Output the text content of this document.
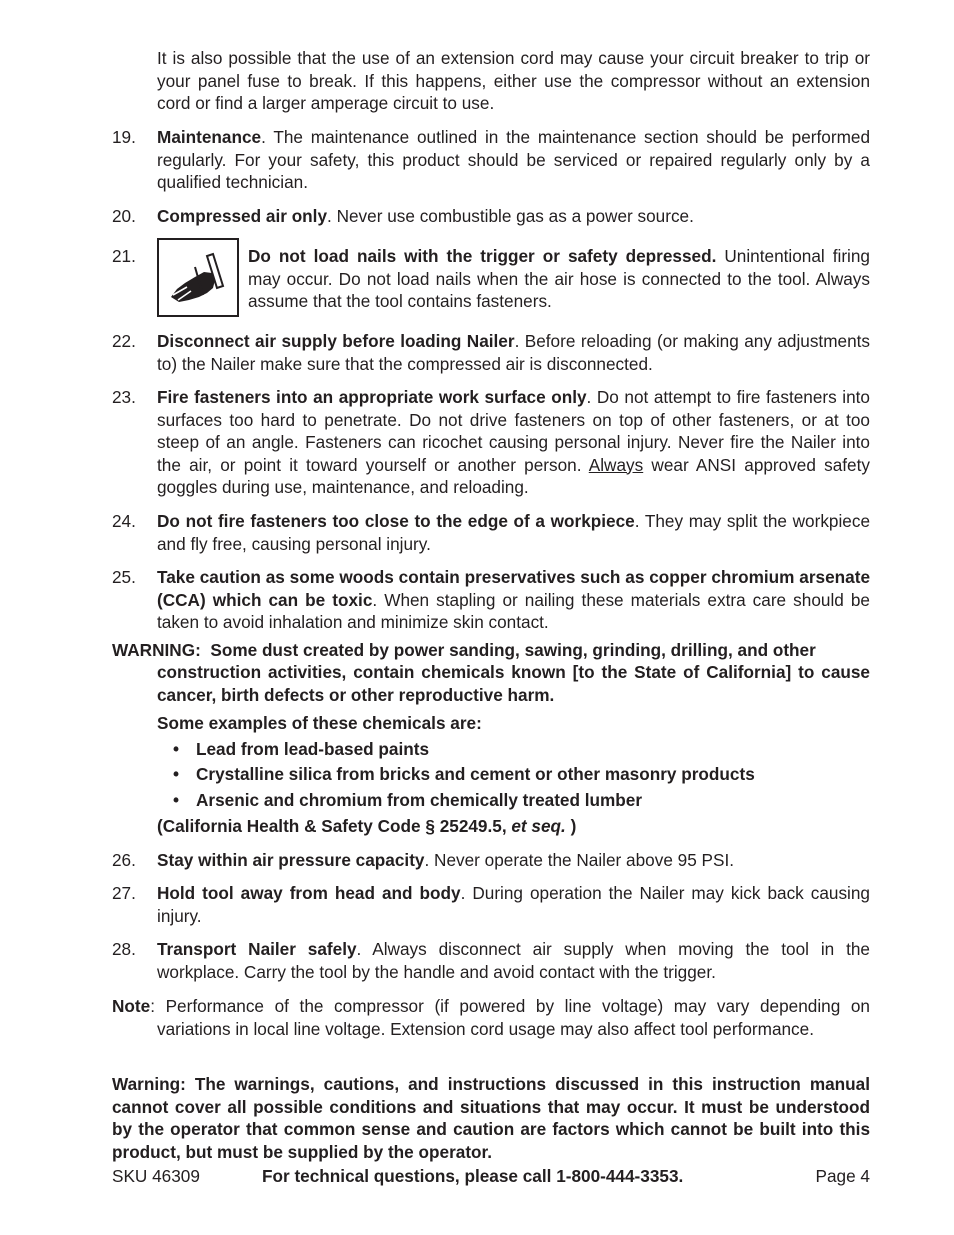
It is also possible that the use of an extension cord may cause your circuit breaker to trip or your panel fuse to break. If this happens, either use the compressor without an extension cord or find a larger amperage circuit to use.
19.	Maintenance. The maintenance outlined in the maintenance section should be performed regularly. For your safety, this product should be serviced or repaired regularly only by a qualified technician.
20.	Compressed air only. Never use combustible gas as a power source.
21.	Do not load nails with the trigger or safety depressed. Unintentional firing may occur. Do not load nails when the air hose is connected to the tool. Always assume that the tool contains fasteners.
22.	Disconnect air supply before loading Nailer. Before reloading (or making any adjustments to) the Nailer make sure that the compressed air is disconnected.
23.	Fire fasteners into an appropriate work surface only. Do not attempt to fire fasteners into surfaces too hard to penetrate. Do not drive fasteners on top of other fasteners, or at too steep of an angle. Fasteners can ricochet causing personal injury. Never fire the Nailer into the air, or point it toward yourself or another person. Always wear ANSI approved safety goggles during use, maintenance, and reloading.
24.	Do not fire fasteners too close to the edge of a workpiece. They may split the workpiece and fly free, causing personal injury.
25.	Take caution as some woods contain preservatives such as copper chromium arsenate (CCA) which can be toxic. When stapling or nailing these materials extra care should be taken to avoid inhalation and minimize skin contact.
WARNING: Some dust created by power sanding, sawing, grinding, drilling, and other
construction activities, contain chemicals known [to the State of California] to cause cancer, birth defects or other reproductive harm.
Some examples of these chemicals are:
• Lead from lead-based paints
• Crystalline silica from bricks and cement or other masonry products
• Arsenic and chromium from chemically treated lumber
(California Health & Safety Code § 25249.5, et seq. )
26.	Stay within air pressure capacity. Never operate the Nailer above 95 PSI.
27.	Hold tool away from head and body. During operation the Nailer may kick back causing injury.
28.	Transport Nailer safely. Always disconnect air supply when moving the tool in the workplace. Carry the tool by the handle and avoid contact with the trigger.
Note: Performance of the compressor (if powered by line voltage) may vary depending on variations in local line voltage. Extension cord usage may also affect tool performance.
Warning: The warnings, cautions, and instructions discussed in this instruction manual cannot cover all possible conditions and situations that may occur. It must be understood by the operator that common sense and caution are factors which cannot be built into this product, but must be supplied by the operator.
SKU 46309	For technical questions, please call 1-800-444-3353.	Page 4
